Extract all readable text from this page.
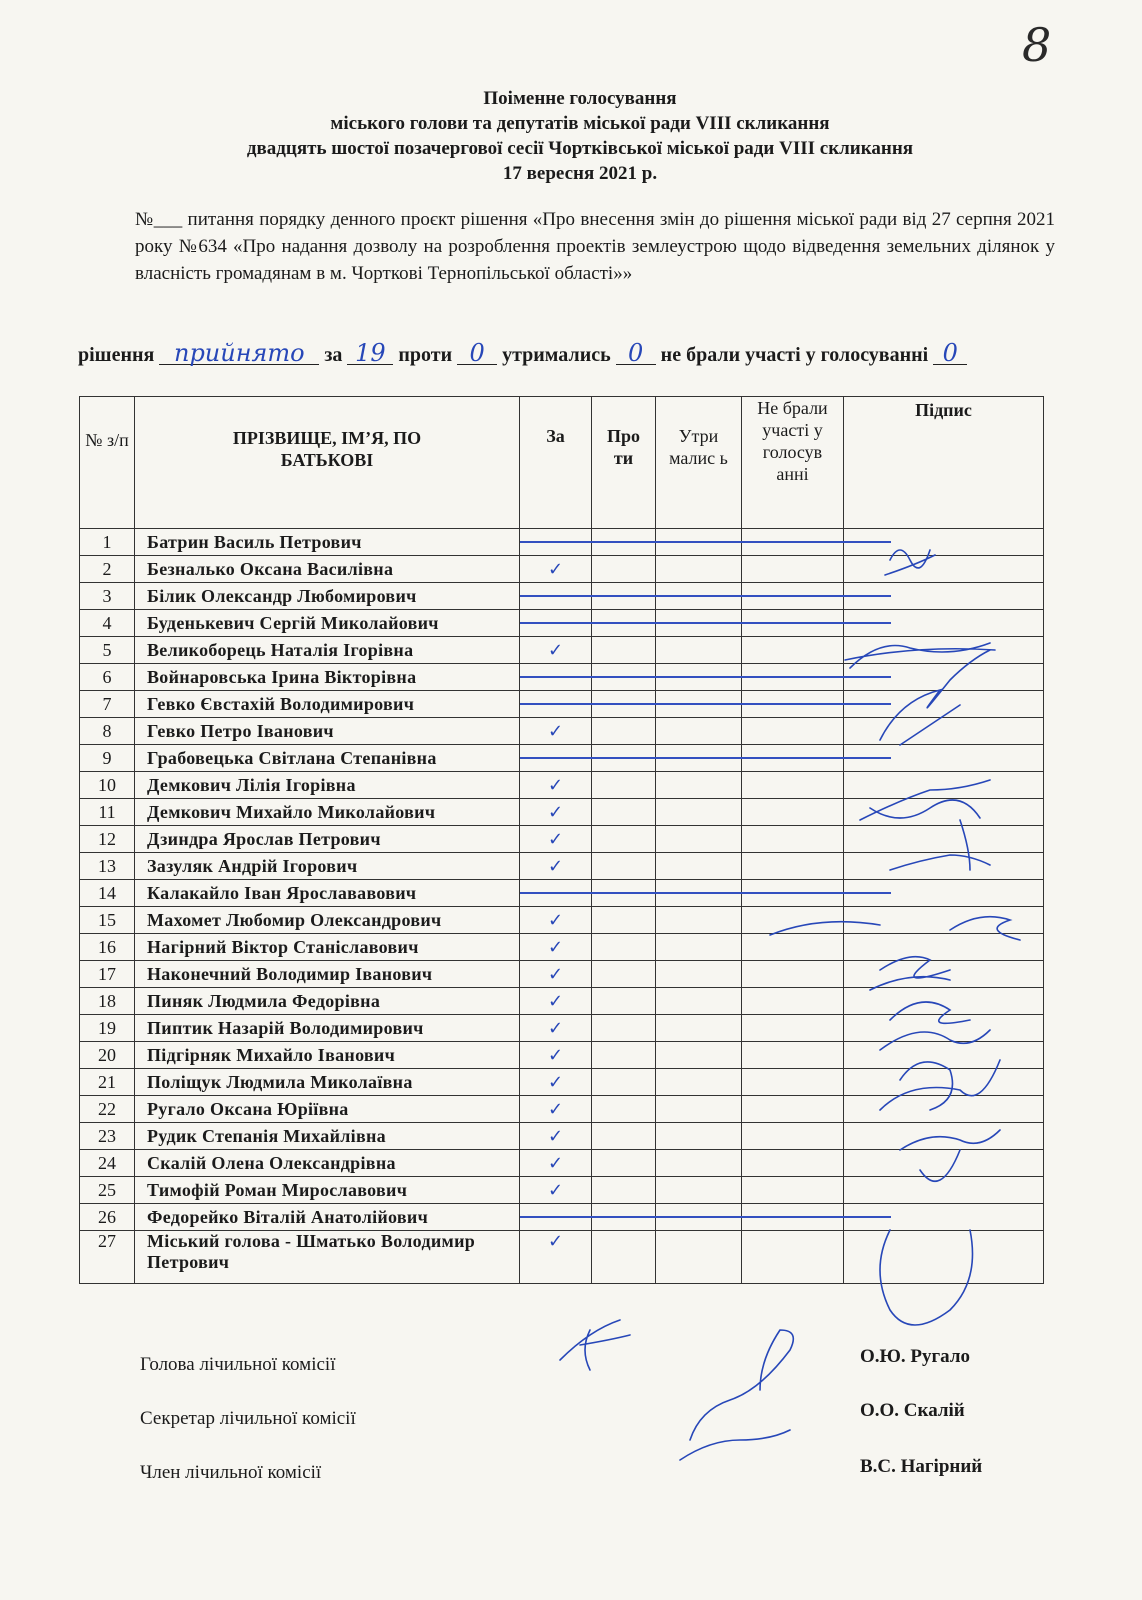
8
Поіменне голосування
міського голови та депутатів міської ради VIII скликання
двадцять шостої позачергової сесії Чортківської міської ради VIII скликання
17 вересня 2021 р.
№___ питання порядку денного проєкт рішення «Про внесення змін до рішення міської ради від 27 серпня 2021 року №634 «Про надання дозволу на розроблення проектів землеустрою щодо відведення земельних ділянок у власність громадянам в м. Чорткові Тернопільської області»»
рішення прийнято за 19 проти 0 утримались 0 не брали участі у голосуванні 0
№ з/п	ПРІЗВИЩЕ, ІМ’Я, ПО БАТЬКОВІ	За	Про ти	Утри малис ь	Не брали участі у голосув анні	Підпис
1	Батрин Василь Петрович					
2	Безналько Оксана Василівна	✓				
3	Білик Олександр Любомирович					
4	Буденькевич Сергій Миколайович					
5	Великоборець Наталія Ігорівна	✓				
6	Войнаровська Ірина Вікторівна					
7	Гевко Євстахій Володимирович					
8	Гевко Петро Іванович	✓				
9	Грабовецька Світлана Степанівна					
10	Демкович Лілія Ігорівна	✓				
11	Демкович Михайло Миколайович	✓				
12	Дзиндра Ярослав Петрович	✓				
13	Зазуляк Андрій Ігорович	✓				
14	Калакайло Іван Ярослававович					
15	Махомет Любомир Олександрович	✓				
16	Нагірний Віктор Станіславович	✓				
17	Наконечний Володимир Іванович	✓				
18	Пиняк Людмила Федорівна	✓				
19	Пиптик Назарій Володимирович	✓				
20	Підгірняк Михайло Іванович	✓				
21	Поліщук Людмила Миколаївна	✓				
22	Ругало Оксана Юріївна	✓				
23	Рудик Степанія Михайлівна	✓				
24	Скалій Олена Олександрівна	✓				
25	Тимофій Роман Мирославович	✓				
26	Федорейко Віталій Анатолійович					
27	Міський голова - Шматько Володимир Петрович	✓				
Голова лічильної комісії	О.Ю. Ругало
Секретар лічильної комісії	О.О. Скалій
Член лічильної комісії	В.С. Нагірний
